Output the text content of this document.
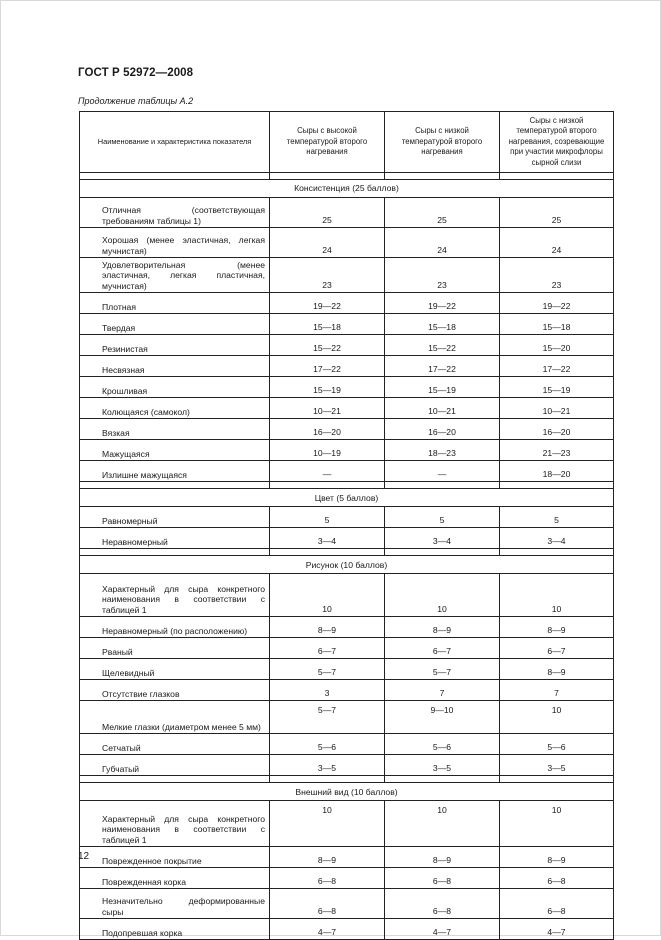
ГОСТ Р 52972—2008
Продолжение таблицы А.2
Наименование и характеристика показателя	Сыры с высокой температурой второго нагревания	Сыры с низкой температурой второго нагревания	Сыры с низкой температурой второго нагревания, созревающие при участии микрофлоры сырной слизи

Консистенция (25 баллов)			

Отличная (соответствующая требованиям таблицы 1)	25	25	25

Хорошая (менее эластичная, легкая мучнистая)	24	24	24

Удовлетворительная (менее эластичная, легкая пластичная, мучнистая)	23	23	23

Плотная	19—22	19—22	19—22

Твердая	15—18	15—18	15—18

Резинистая	15—22	15—22	15—20

Несвязная	17—22	17—22	17—22

Крошливая	15—19	15—19	15—19

Колющаяся (самокол)	10—21	10—21	10—21

Вязкая	16—20	16—20	16—20

Мажущаяся	10—19	18—23	21—23

Излишне мажущаяся	—	—	18—20

Цвет (5 баллов)			

Равномерный	5	5	5

Неравномерный	3—4	3—4	3—4

Рисунок (10 баллов)			

Характерный для сыра конкретного наименования в соответствии с таблицей 1	10	10	10

Неравномерный (по расположению)	8—9	8—9	8—9

Рваный	6—7	6—7	6—7

Щелевидный	5—7	5—7	8—9

Отсутствие глазков	3	7	7

Мелкие глазки (диаметром менее 5 мм)	5—7	9—10	10

Сетчатый	5—6	5—6	5—6

Губчатый	3—5	3—5	3—5

Внешний вид (10 баллов)			

Характерный для сыра конкретного наименования в соответствии с таблицей 1	10	10	10

Поврежденное покрытие	8—9	8—9	8—9

Поврежденная корка	6—8	6—8	6—8

Незначительно деформированные сыры	6—8	6—8	6—8

Подопревшая корка	4—7	4—7	4—7
12
